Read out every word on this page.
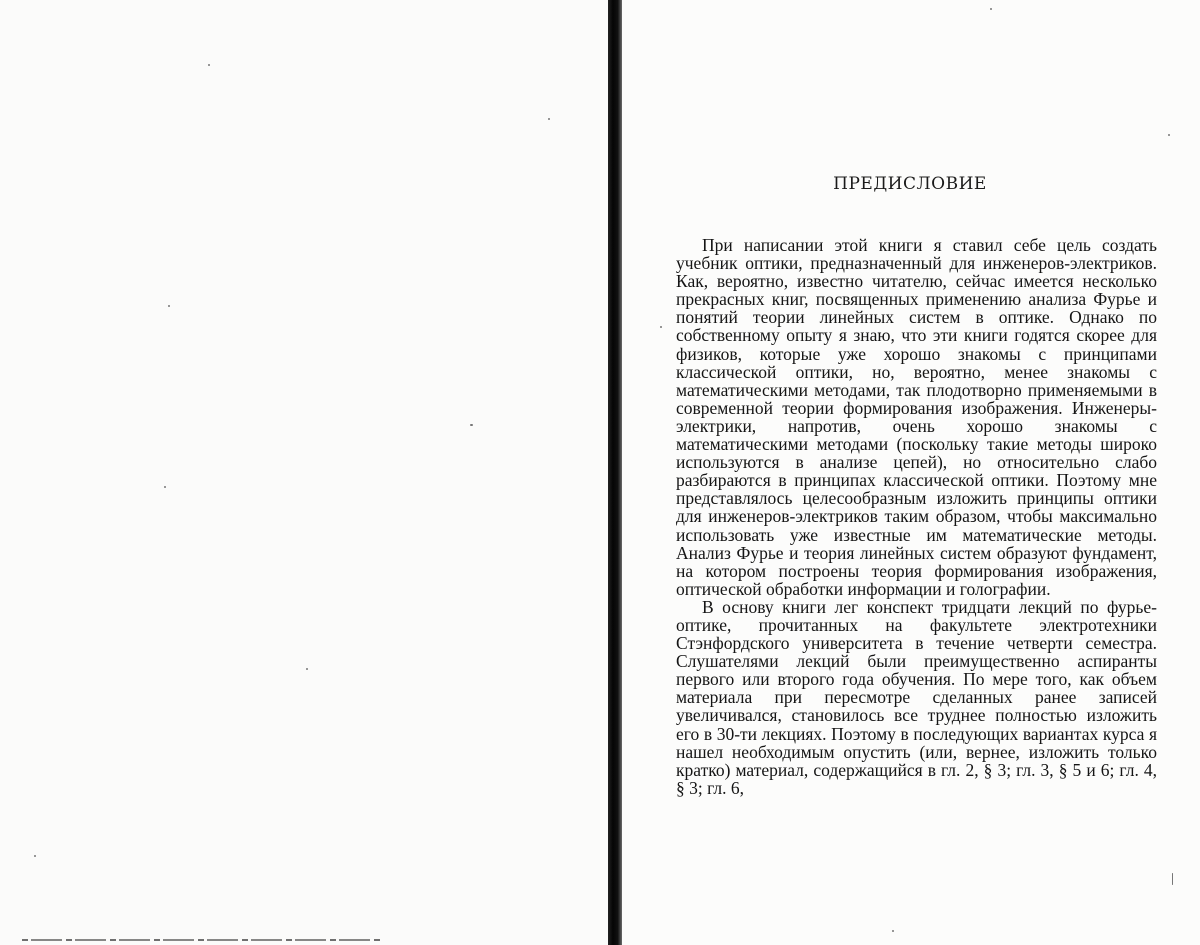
ПРЕДИСЛОВИЕ

При написании этой книги я ставил себе цель создать учебник оптики, предназначенный для инженеров-электриков. Как, вероятно, известно читателю, сейчас имеется несколько прекрасных книг, посвященных применению анализа Фурье и понятий теории линейных систем в оптике. Однако по собственному опыту я знаю, что эти книги годятся скорее для физиков, которые уже хорошо знакомы с принципами классической оптики, но, вероятно, менее знакомы с математическими методами, так плодотворно применяемыми в современной теории формирования изображения. Инженеры-электрики, напротив, очень хорошо знакомы с математическими методами (поскольку такие методы широко используются в анализе цепей), но относительно слабо разбираются в принципах классической оптики. Поэтому мне представлялось целесообразным изложить принципы оптики для инженеров-электриков таким образом, чтобы максимально использовать уже известные им математические методы. Анализ Фурье и теория линейных систем образуют фундамент, на котором построены теория формирования изображения, оптической обработки информации и голографии.

В основу книги лег конспект тридцати лекций по фурье-оптике, прочитанных на факультете электротехники Стэнфордского университета в течение четверти семестра. Слушателями лекций были преимущественно аспиранты первого или второго года обучения. По мере того, как объем материала при пересмотре сделанных ранее записей увеличивался, становилось все труднее полностью изложить его в 30-ти лекциях. Поэтому в последующих вариантах курса я нашел необходимым опустить (или, вернее, изложить только кратко) материал, содержащийся в гл. 2, § 3; гл. 3, § 5 и 6; гл. 4, § 3; гл. 6,
